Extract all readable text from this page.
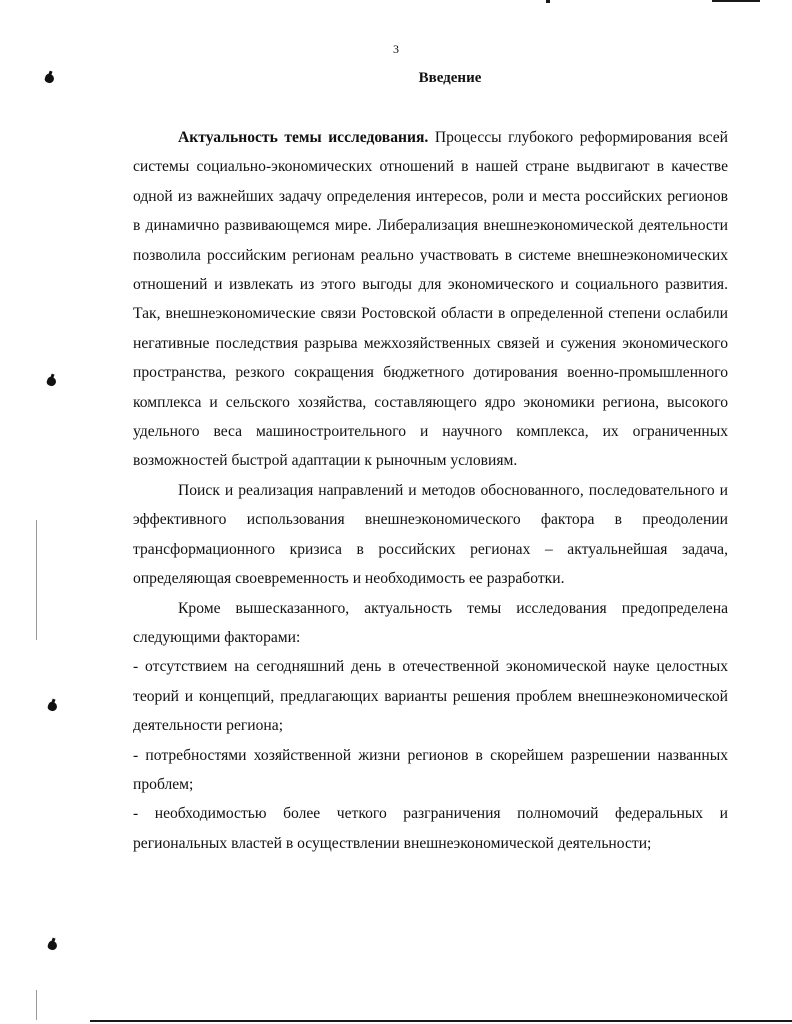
3
Введение

Актуальность темы исследования. Процессы глубокого реформирования всей системы социально-экономических отношений в нашей стране выдвигают в качестве одной из важнейших задачу определения интересов, роли и места российских регионов в динамично развивающемся мире. Либерализация внешнеэкономической деятельности позволила российским регионам реально участвовать в системе внешнеэкономических отношений и извлекать из этого выгоды для экономического и социального развития. Так, внешнеэкономические связи Ростовской области в определенной степени ослабили негативные последствия разрыва межхозяйственных связей и сужения экономического пространства, резкого сокращения бюджетного дотирования военно-промышленного комплекса и сельского хозяйства, составляющего ядро экономики региона, высокого удельного веса машиностроительного и научного комплекса, их ограниченных возможностей быстрой адаптации к рыночным условиям.

Поиск и реализация направлений и методов обоснованного, последовательного и эффективного использования внешнеэкономического фактора в преодолении трансформационного кризиса в российских регионах – актуальнейшая задача, определяющая своевременность и необходимость ее разработки.

Кроме вышесказанного, актуальность темы исследования предопределена следующими факторами:

- отсутствием на сегодняшний день в отечественной экономической науке целостных теорий и концепций, предлагающих варианты решения проблем внешнеэкономической деятельности региона;

- потребностями хозяйственной жизни регионов в скорейшем разрешении названных проблем;

- необходимостью более четкого разграничения полномочий федеральных и региональных властей в осуществлении внешнеэкономической деятельности;
